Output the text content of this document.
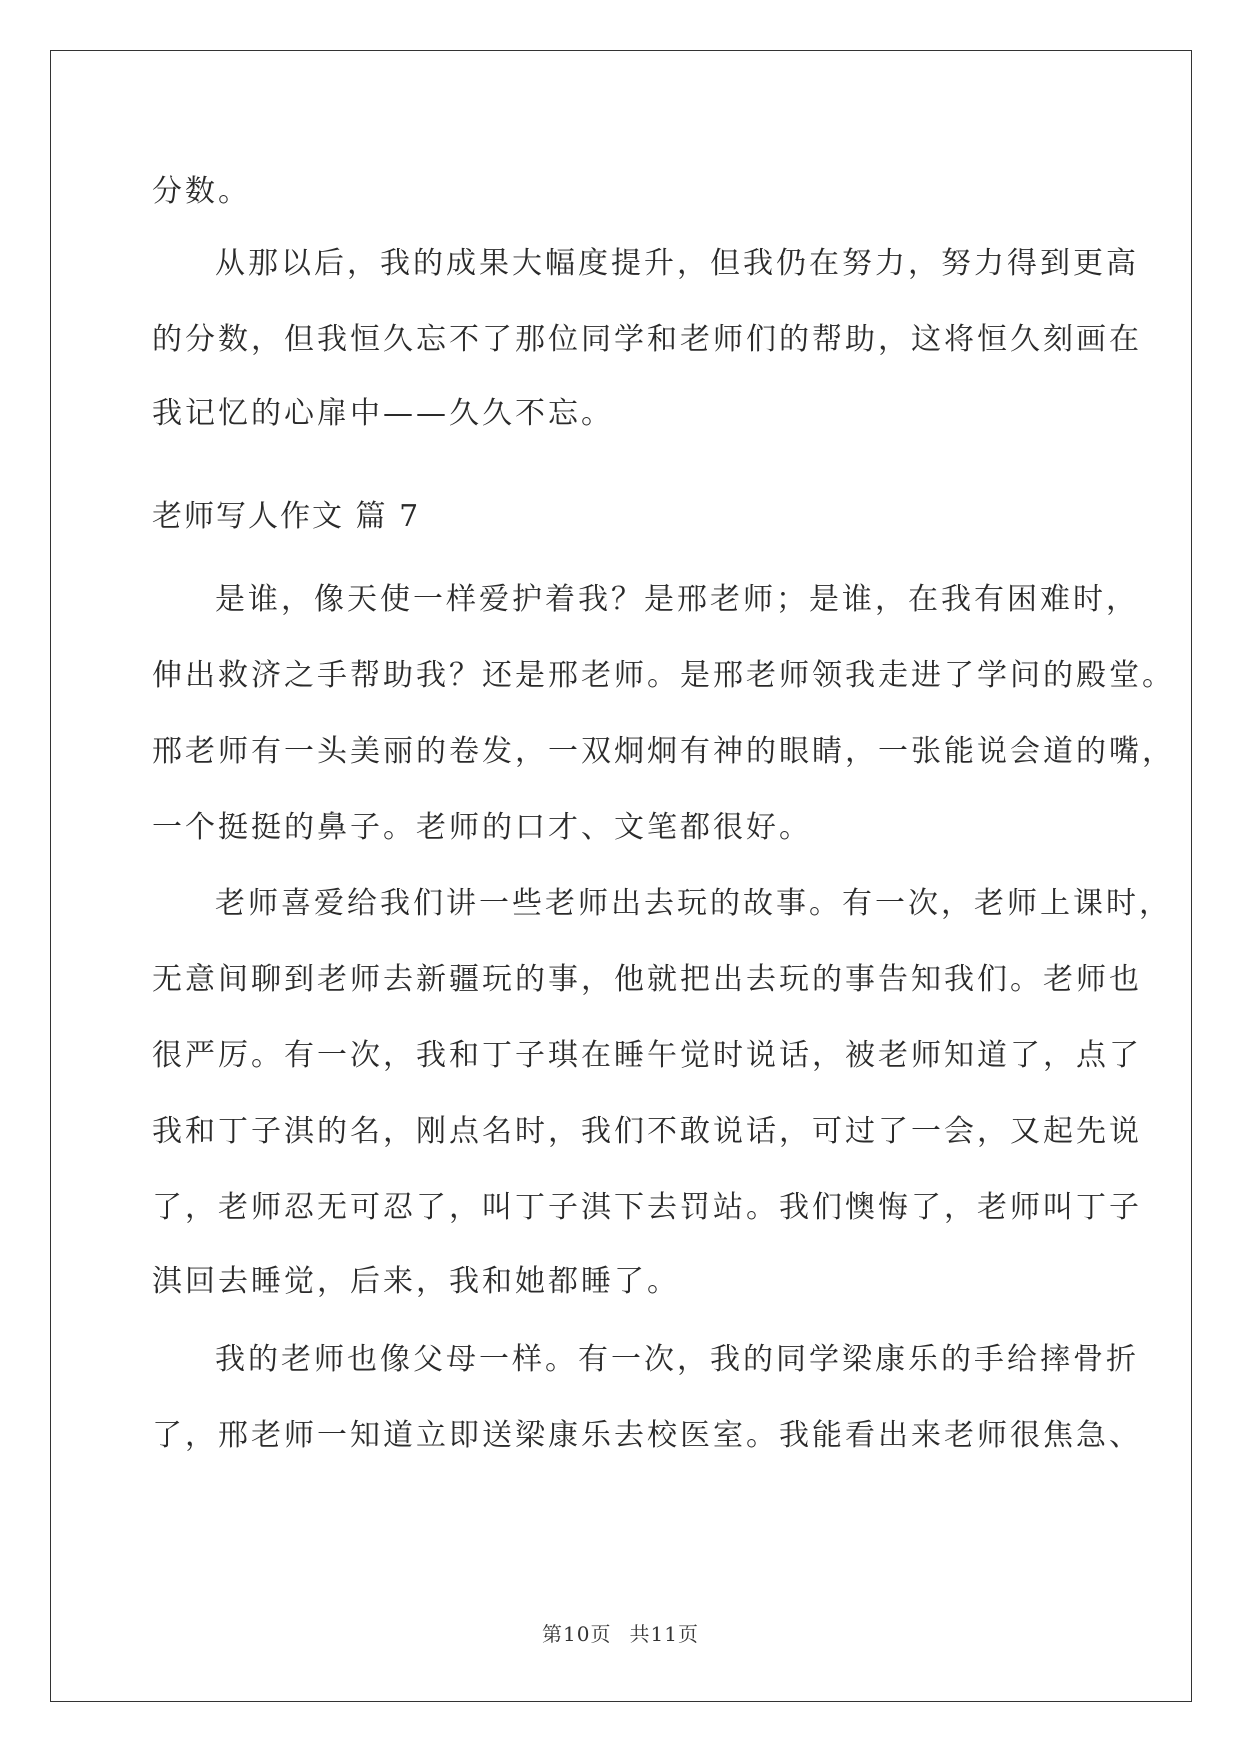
分数。
从那以后，我的成果大幅度提升，但我仍在努力，努力得到更高
的分数，但我恒久忘不了那位同学和老师们的帮助，这将恒久刻画在
我记忆的心扉中——久久不忘。
老师写人作文 篇 7
是谁，像天使一样爱护着我？是邢老师；是谁，在我有困难时，
伸出救济之手帮助我？还是邢老师。是邢老师领我走进了学问的殿堂。
邢老师有一头美丽的卷发，一双炯炯有神的眼睛，一张能说会道的嘴，
一个挺挺的鼻子。老师的口才、文笔都很好。
老师喜爱给我们讲一些老师出去玩的故事。有一次，老师上课时，
无意间聊到老师去新疆玩的事，他就把出去玩的事告知我们。老师也
很严厉。有一次，我和丁子琪在睡午觉时说话，被老师知道了，点了
我和丁子淇的名，刚点名时，我们不敢说话，可过了一会，又起先说
了，老师忍无可忍了，叫丁子淇下去罚站。我们懊悔了，老师叫丁子
淇回去睡觉，后来，我和她都睡了。
我的老师也像父母一样。有一次，我的同学梁康乐的手给摔骨折
了，邢老师一知道立即送梁康乐去校医室。我能看出来老师很焦急、
第10页 共11页
